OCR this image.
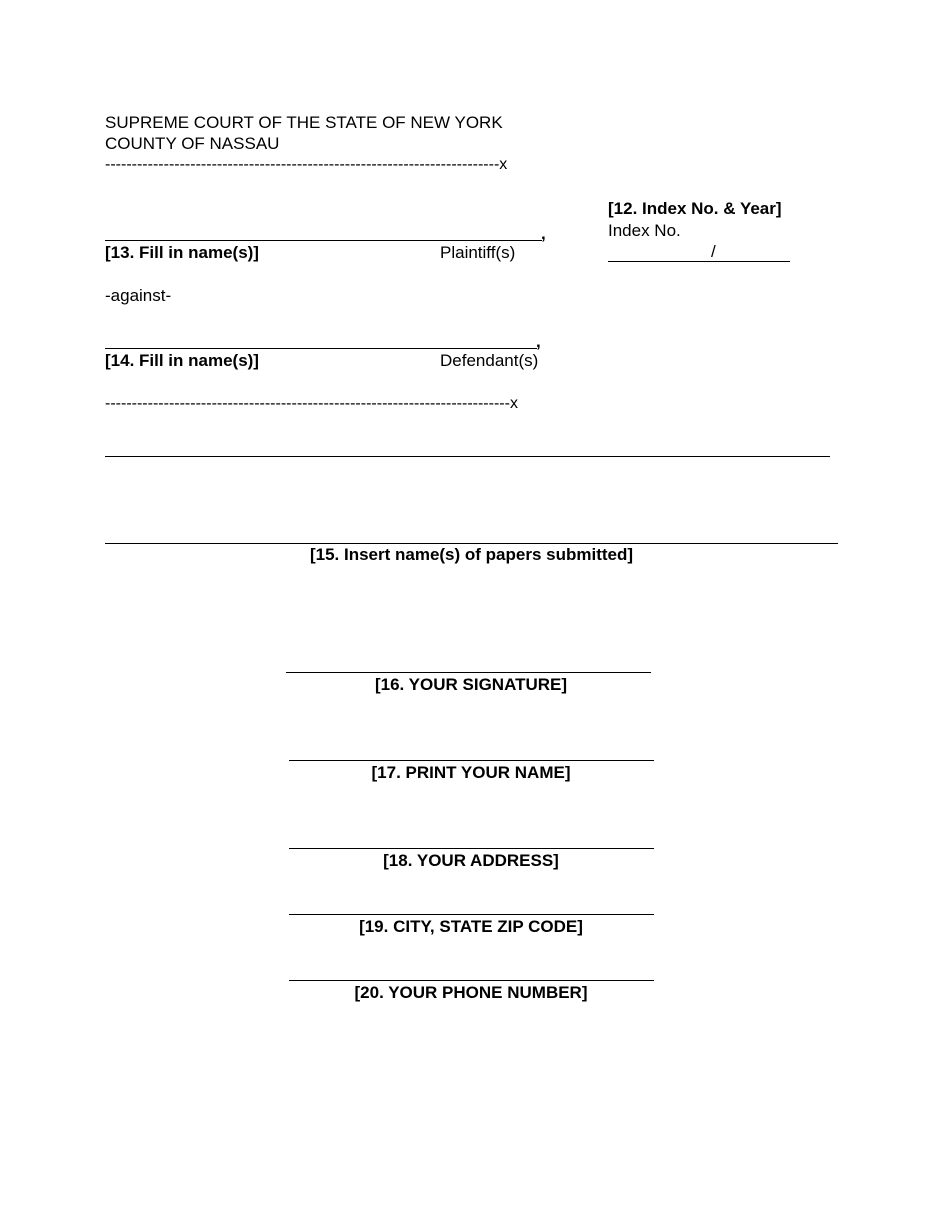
SUPREME COURT OF THE STATE OF NEW YORK
COUNTY OF NASSAU
--------------------------------------------------------------------------x
[12. Index No. & Year]
Index No.
/
,
[13. Fill in name(s)]	Plaintiff(s)
-against-
,
[14. Fill in name(s)]	Defendant(s)
----------------------------------------------------------------------------x
[15. Insert name(s) of papers submitted]
[16. YOUR SIGNATURE]
[17. PRINT YOUR NAME]
[18. YOUR ADDRESS]
[19. CITY, STATE ZIP CODE]
[20. YOUR PHONE NUMBER]
